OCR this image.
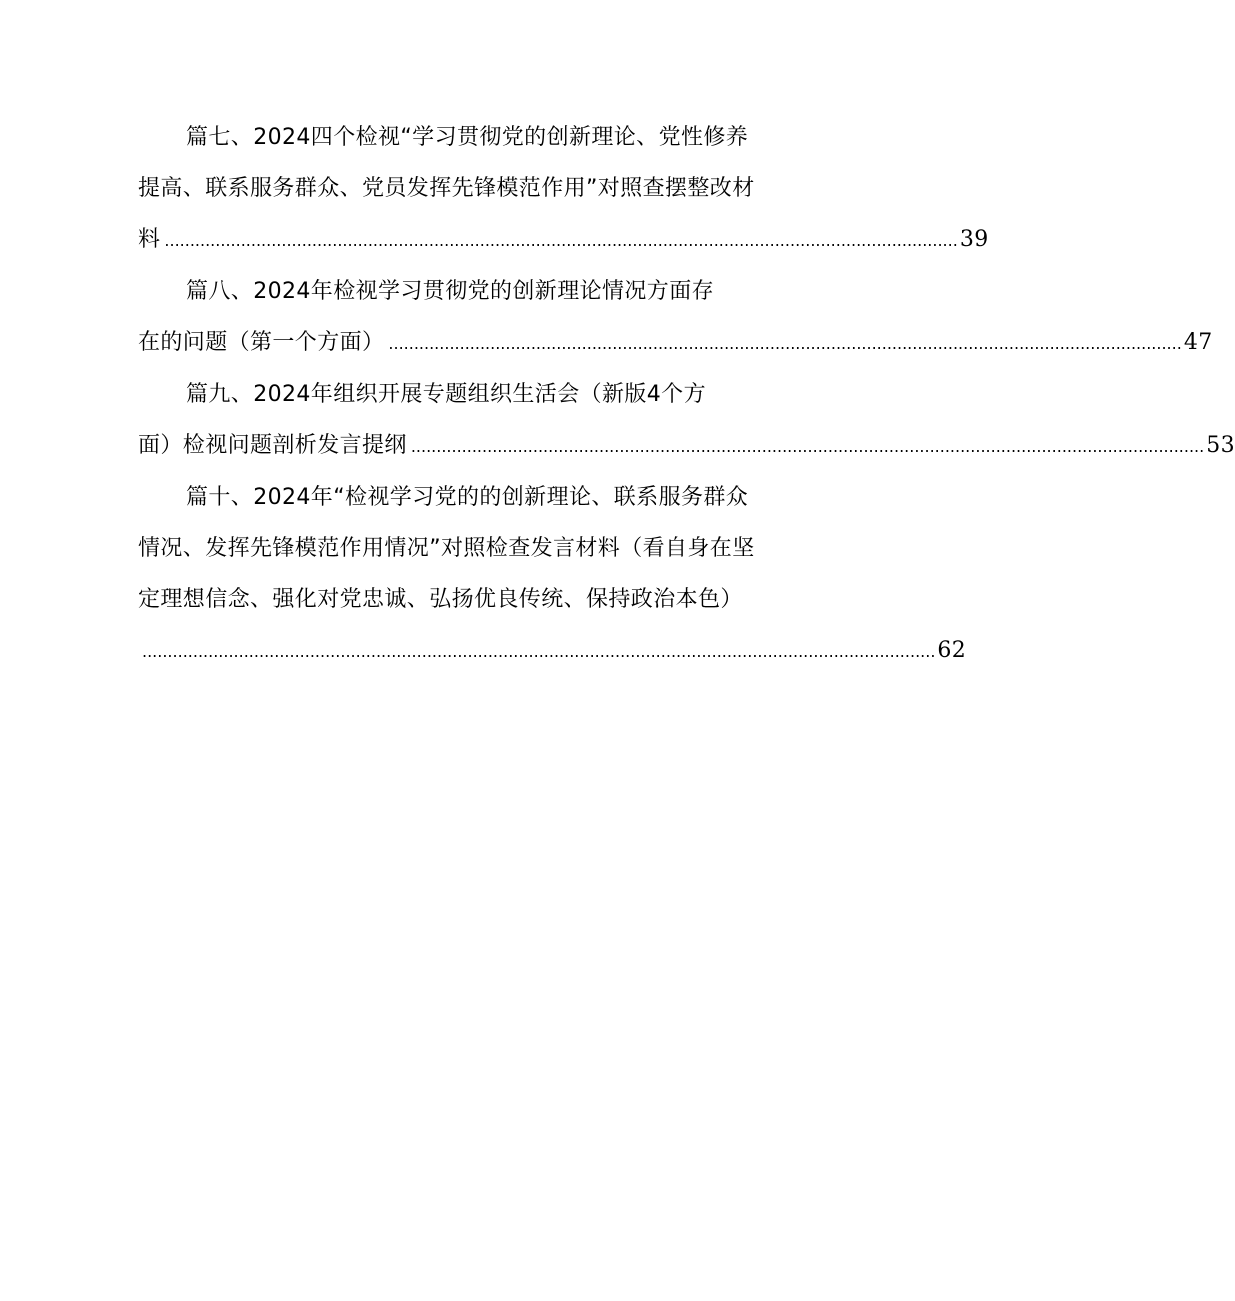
篇七、2024四个检视“学习贯彻党的创新理论、党性修养
提高、联系服务群众、党员发挥先锋模范作用”对照查摆整改材
料 ............................................................................................................................................................ 39
篇八、2024年检视学习贯彻党的创新理论情况方面存
在的问题（第一个方面） ............................................................................................................................................................ 47
篇九、2024年组织开展专题组织生活会（新版4个方
面）检视问题剖析发言提纲 ............................................................................................................................................................ 53
篇十、2024年“检视学习党的的创新理论、联系服务群众
情况、发挥先锋模范作用情况”对照检查发言材料（看自身在坚
定理想信念、强化对党忠诚、弘扬优良传统、保持政治本色）
............................................................................................................................................................ 62
